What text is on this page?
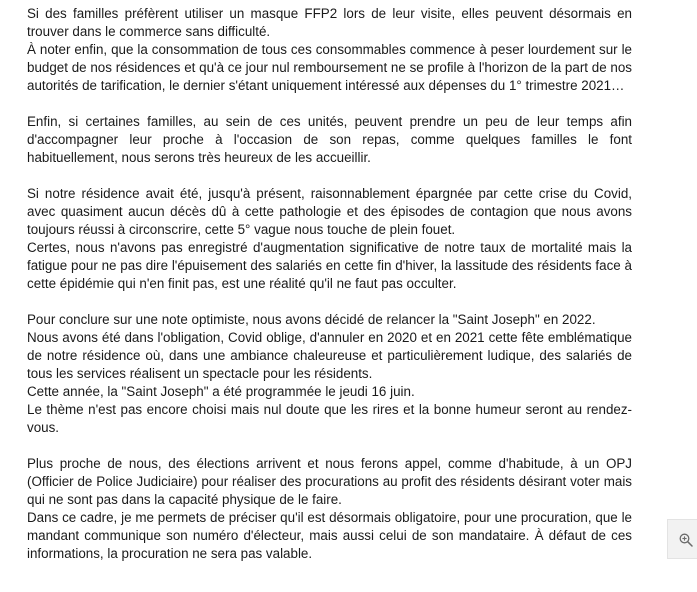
Si des familles préfèrent utiliser un masque FFP2 lors de leur visite, elles peuvent désormais en trouver dans le commerce sans difficulté.

À noter enfin, que la consommation de tous ces consommables commence à peser lourdement sur le budget de nos résidences et qu'à ce jour nul remboursement ne se profile à l'horizon de la part de nos autorités de tarification, le dernier s'étant uniquement intéressé aux dépenses du 1° trimestre 2021…

Enfin, si certaines familles, au sein de ces unités, peuvent prendre un peu de leur temps afin d'accompagner leur proche à l'occasion de son repas, comme quelques familles le font habituellement, nous serons très heureux de les accueillir.

Si notre résidence avait été, jusqu'à présent, raisonnablement épargnée par cette crise du Covid, avec quasiment aucun décès dû à cette pathologie et des épisodes de contagion que nous avons toujours réussi à circonscrire, cette 5° vague nous touche de plein fouet.

Certes, nous n'avons pas enregistré d'augmentation significative de notre taux de mortalité mais la fatigue pour ne pas dire l'épuisement des salariés en cette fin d'hiver, la lassitude des résidents face à cette épidémie qui n'en finit pas, est une réalité qu'il ne faut pas occulter.

Pour conclure sur une note optimiste, nous avons décidé de relancer la "Saint Joseph" en 2022.

Nous avons été dans l'obligation, Covid oblige, d'annuler en 2020 et en 2021 cette fête emblématique de notre résidence où, dans une ambiance chaleureuse et particulièrement ludique, des salariés de tous les services réalisent un spectacle pour les résidents.

Cette année, la "Saint Joseph" a été programmée le jeudi 16 juin.

Le thème n'est pas encore choisi mais nul doute que les rires et la bonne humeur seront au rendez-vous.

Plus proche de nous, des élections arrivent et nous ferons appel, comme d'habitude, à un OPJ (Officier de Police Judiciaire) pour réaliser des procurations au profit des résidents désirant voter mais qui ne sont pas dans la capacité physique de le faire.

Dans ce cadre, je me permets de préciser qu'il est désormais obligatoire, pour une procuration, que le mandant communique son numéro d'électeur, mais aussi celui de son mandataire. À défaut de ces informations, la procuration ne sera pas valable.
